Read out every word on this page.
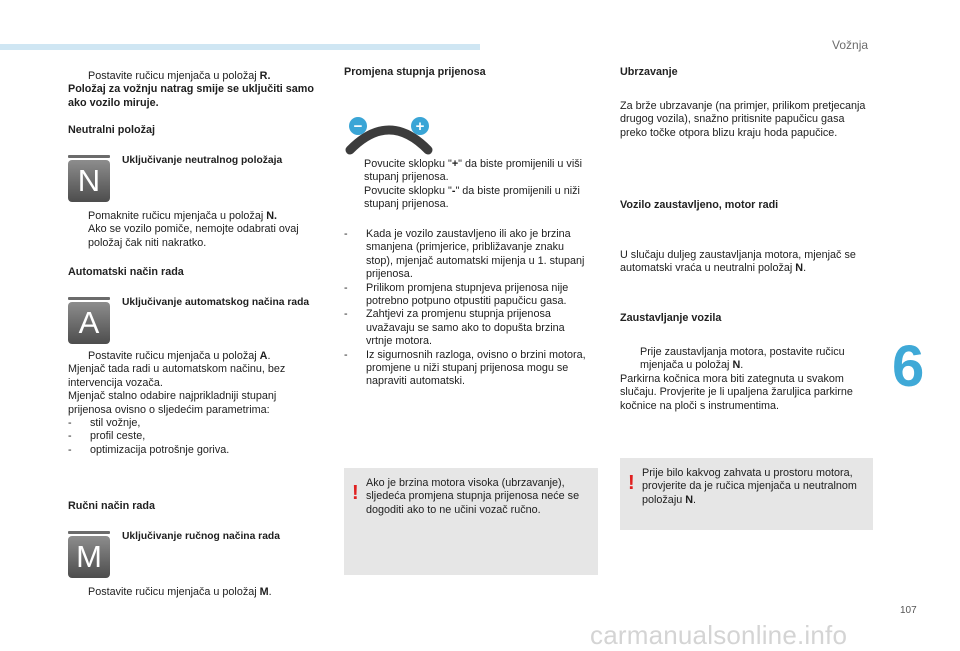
Vožnja
6
107
carmanualsonline.info
Postavite ručicu mjenjača u položaj R.

Položaj za vožnju natrag smije se uključiti samo ako vozilo miruje.

Neutralni položaj
N
Uključivanje neutralnog položaja
Pomaknite ručicu mjenjača u položaj N.
Ako se vozilo pomiče, nemojte odabrati ovaj položaj čak niti nakratko.
Automatski način rada
A
Uključivanje automatskog načina rada
Postavite ručicu mjenjača u položaj A.

Mjenjač tada radi u automatskom načinu, bez intervencija vozača.

Mjenjač stalno odabire najprikladniji stupanj prijenosa ovisno o sljedećim parametrima:

-	stil vožnje,
-	profil ceste,
-	optimizacija potrošnje goriva.
Ručni način rada
M
Uključivanje ručnog načina rada
Postavite ručicu mjenjača u položaj M.
Promjena stupnja prijenosa
−	+
Povucite sklopku "+" da biste promijenili u viši stupanj prijenosa.
Povucite sklopku "-" da biste promijenili u niži stupanj prijenosa.
-	Kada je vozilo zaustavljeno ili ako je brzina smanjena (primjerice, približavanje znaku stop), mjenjač automatski mijenja u 1. stupanj prijenosa.
-	Prilikom promjena stupnjeva prijenosa nije potrebno potpuno otpustiti papučicu gasa.
-	Zahtjevi za promjenu stupnja prijenosa uvažavaju se samo ako to dopušta brzina vrtnje motora.
-	Iz sigurnosnih razloga, ovisno o brzini motora, promjene u niži stupanj prijenosa mogu se napraviti automatski.
! Ako je brzina motora visoka (ubrzavanje), sljedeća promjena stupnja prijenosa neće se dogoditi ako to ne učini vozač ručno.
Ubrzavanje
Za brže ubrzavanje (na primjer, prilikom pretjecanja drugog vozila), snažno pritisnite papučicu gasa preko točke otpora blizu kraju hoda papučice.
Vozilo zaustavljeno, motor radi
U slučaju duljeg zaustavljanja motora, mjenjač se automatski vraća u neutralni položaj N.
Zaustavljanje vozila
Prije zaustavljanja motora, postavite ručicu mjenjača u položaj N.

Parkirna kočnica mora biti zategnuta u svakom slučaju. Provjerite je li upaljena žaruljica parkirne kočnice na ploči s instrumentima.

! Prije bilo kakvog zahvata u prostoru motora, provjerite da je ručica mjenjača u neutralnom položaju N.
